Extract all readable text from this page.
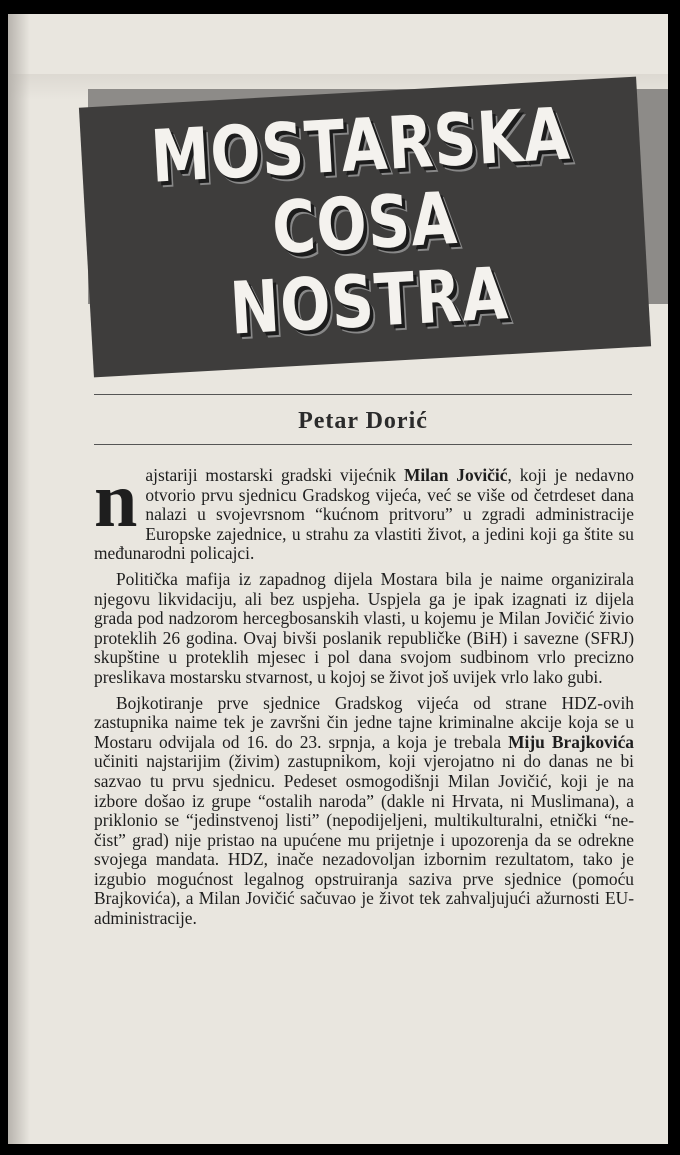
MOSTARSKA
COSA
NOSTRA
Petar Dorić

najstariji mostarski gradski vijećnik Milan Jovičić, koji je nedavno otvorio prvu sjednicu Gradskog vijeća, već se više od četrdeset dana nalazi u svojevrsnom “kućnom pritvoru” u zgradi administracije Europske zajednice, u strahu za vlastiti život, a jedini koji ga štite su međunarodni policajci.

Politička mafija iz zapadnog dijela Mostara bila je naime organizirala njegovu likvidaciju, ali bez uspjeha. Uspjela ga je ipak izagnati iz dijela grada pod nadzorom hercegbosanskih vlasti, u kojemu je Milan Jovičić živio proteklih 26 godina. Ovaj bivši poslanik republičke (BiH) i savezne (SFRJ) skupštine u proteklih mjesec i pol dana svojom sudbinom vrlo precizno preslikava mostarsku stvarnost, u kojoj se život još uvijek vrlo lako gubi.

Bojkotiranje prve sjednice Gradskog vijeća od strane HDZ-ovih zastupnika naime tek je završni čin jedne tajne kriminalne akcije koja se u Mostaru odvijala od 16. do 23. srpnja, a koja je trebala Miju Brajkovića učiniti najstarijim (živim) zastupnikom, koji vjerojatno ni do danas ne bi sazvao tu prvu sjednicu. Pedeset osmogodišnji Milan Jovičić, koji je na izbore došao iz grupe “ostalih naroda” (dakle ni Hrvata, ni Muslimana), a priklonio se “jedinstvenoj listi” (nepodijeljeni, multikulturalni, etnički “ne-čist” grad) nije pristao na upućene mu prijetnje i upozorenja da se odrekne svojega mandata. HDZ, inače nezadovoljan izbornim rezultatom, tako je izgubio mogućnost legalnog opstruiranja saziva prve sjednice (pomoću Brajkovića), a Milan Jovičić sačuvao je život tek zahvaljujući ažurnosti EU-administracije.
